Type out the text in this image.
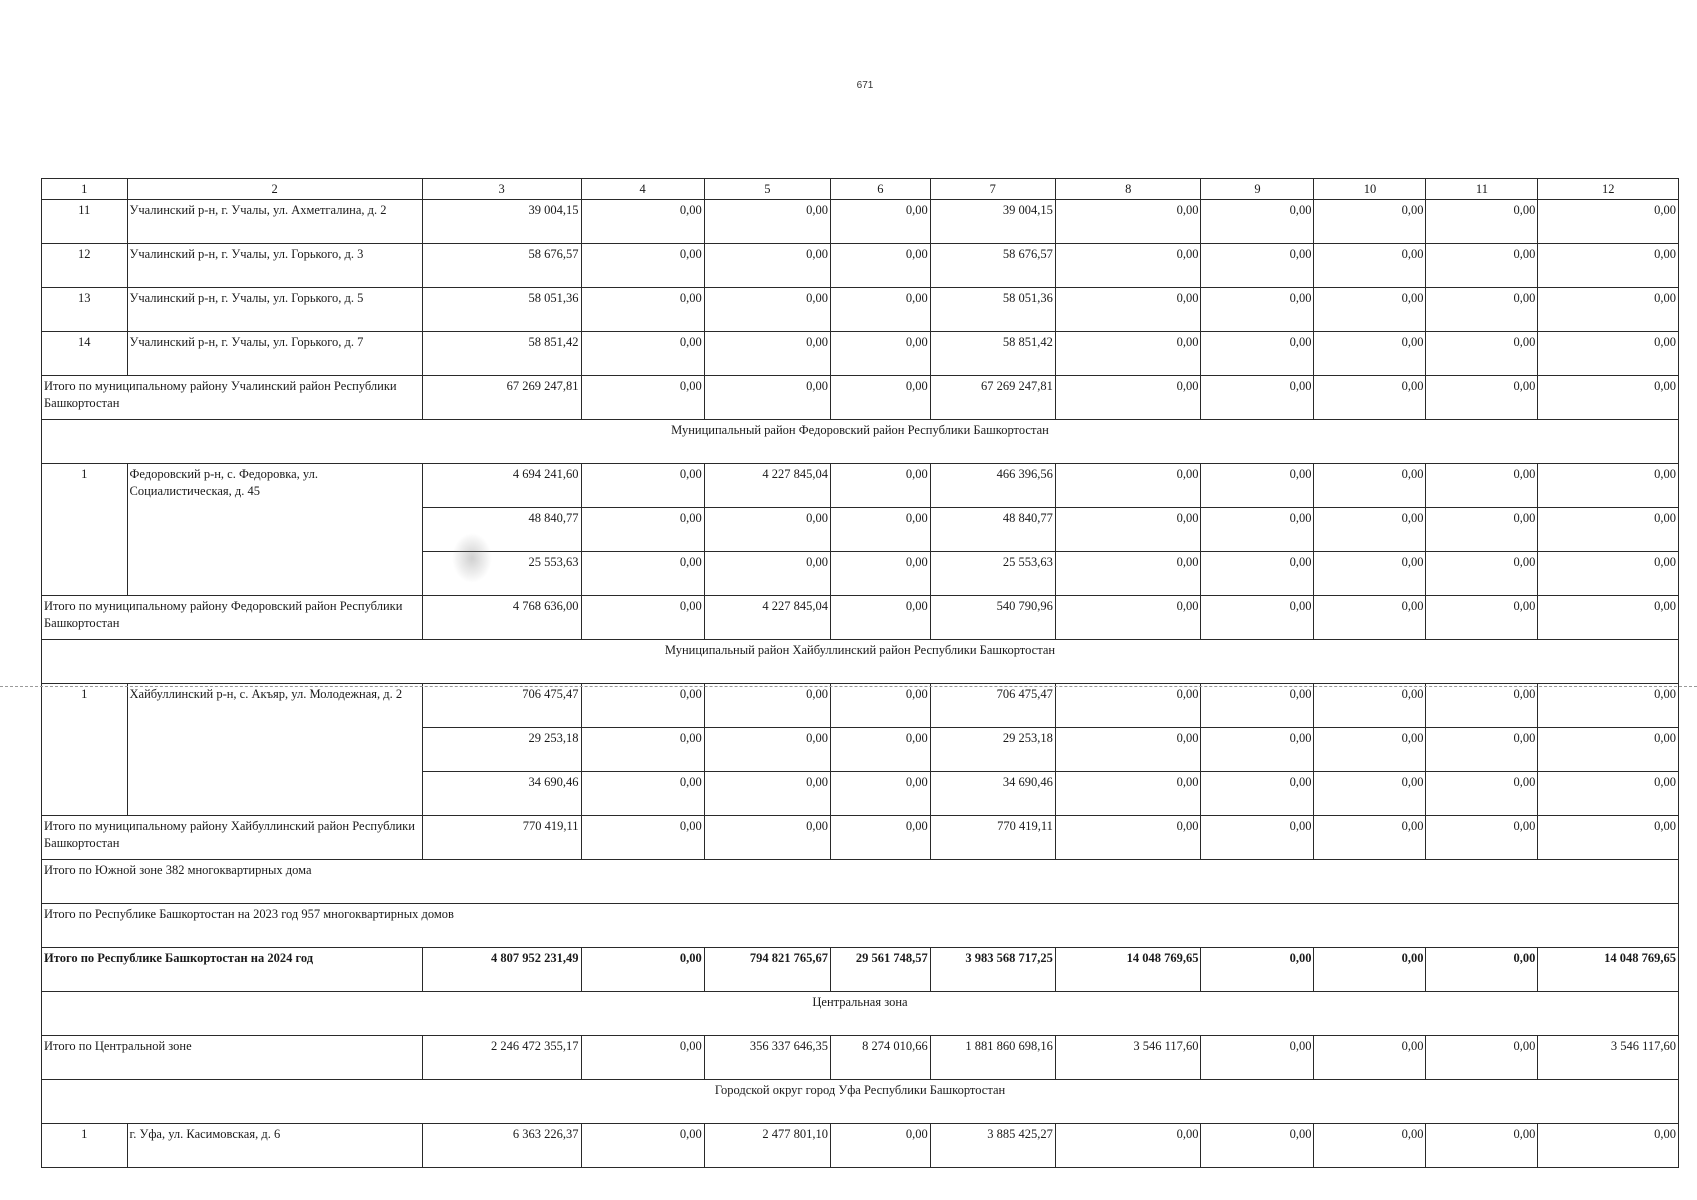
671
1	2	3	4	5	6	7	8	9	10	11	12
11	Учалинский р-н, г. Учалы, ул. Ахметгалина, д. 2	39 004,15	0,00	0,00	0,00	39 004,15	0,00	0,00	0,00	0,00	0,00
12	Учалинский р-н, г. Учалы, ул. Горького, д. 3	58 676,57	0,00	0,00	0,00	58 676,57	0,00	0,00	0,00	0,00	0,00
13	Учалинский р-н, г. Учалы, ул. Горького, д. 5	58 051,36	0,00	0,00	0,00	58 051,36	0,00	0,00	0,00	0,00	0,00
14	Учалинский р-н, г. Учалы, ул. Горького, д. 7	58 851,42	0,00	0,00	0,00	58 851,42	0,00	0,00	0,00	0,00	0,00
Итого по муниципальному району Учалинский район Республики Башкортостан		67 269 247,81	0,00	0,00	0,00	67 269 247,81	0,00	0,00	0,00	0,00	0,00
Муниципальный район Федоровский район Республики Башкортостан											
1	Федоровский р-н, с. Федоровка, ул. Социалистическая, д. 45	4 694 241,60	0,00	4 227 845,04	0,00	466 396,56	0,00	0,00	0,00	0,00	0,00
		48 840,77	0,00	0,00	0,00	48 840,77	0,00	0,00	0,00	0,00	0,00
		25 553,63	0,00	0,00	0,00	25 553,63	0,00	0,00	0,00	0,00	0,00
Итого по муниципальному району Федоровский район Республики Башкортостан		4 768 636,00	0,00	4 227 845,04	0,00	540 790,96	0,00	0,00	0,00	0,00	0,00
Муниципальный район Хайбуллинский район Республики Башкортостан											
1	Хайбуллинский р-н, с. Акъяр, ул. Молодежная, д. 2	706 475,47	0,00	0,00	0,00	706 475,47	0,00	0,00	0,00	0,00	0,00
		29 253,18	0,00	0,00	0,00	29 253,18	0,00	0,00	0,00	0,00	0,00
		34 690,46	0,00	0,00	0,00	34 690,46	0,00	0,00	0,00	0,00	0,00
Итого по муниципальному району Хайбуллинский район Республики Башкортостан		770 419,11	0,00	0,00	0,00	770 419,11	0,00	0,00	0,00	0,00	0,00
Итого по Южной зоне 382 многоквартирных дома											
Итого по Республике Башкортостан на 2023 год 957 многоквартирных домов											
Итого по Республике Башкортостан на 2024 год		4 807 952 231,49	0,00	794 821 765,67	29 561 748,57	3 983 568 717,25	14 048 769,65	0,00	0,00	0,00	14 048 769,65
Центральная зона											
Итого по Центральной зоне		2 246 472 355,17	0,00	356 337 646,35	8 274 010,66	1 881 860 698,16	3 546 117,60	0,00	0,00	0,00	3 546 117,60
Городской округ город Уфа Республики Башкортостан											
1	г. Уфа, ул. Касимовская, д. 6	6 363 226,37	0,00	2 477 801,10	0,00	3 885 425,27	0,00	0,00	0,00	0,00	0,00
